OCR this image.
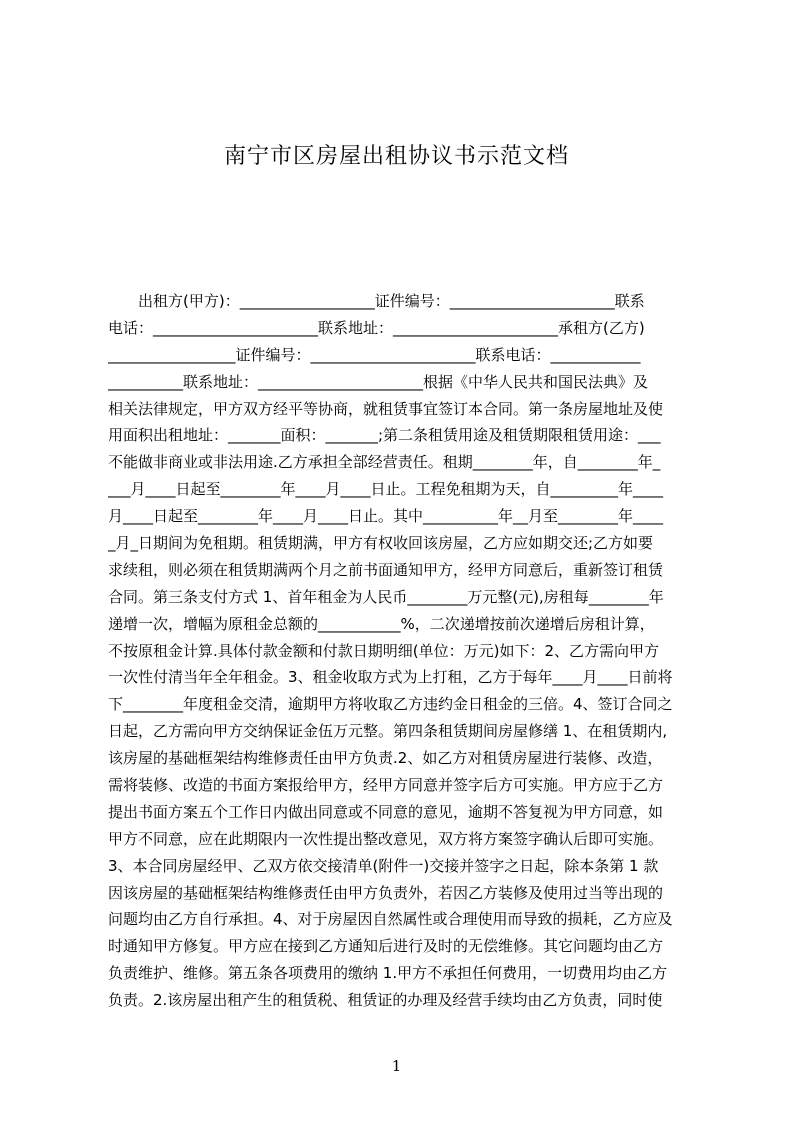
南宁市区房屋出租协议书示范文档
　　出租方(甲方)：__________________证件编号：______________________联系
电话：______________________联系地址：______________________承租方(乙方)
_________________证件编号：______________________联系电话：____________
__________联系地址：______________________根据《中华人民共和国民法典》及
相关法律规定，甲方双方经平等协商，就租赁事宜签订本合同。第一条房屋地址及使
用面积出租地址：_______面积：_______;第二条租赁用途及租赁期限租赁用途：___
不能做非商业或非法用途.乙方承担全部经营责任。租期________年，自________年_
___月____日起至________年____月____日止。工程免租期为天，自_________年____
月____日起至________年____月____日止。其中__________年__月至________年____
_月_日期间为免租期。租赁期满，甲方有权收回该房屋，乙方应如期交还;乙方如要
求续租，则必须在租赁期满两个月之前书面通知甲方，经甲方同意后，重新签订租赁
合同。第三条支付方式 1、首年租金为人民币________万元整(元),房租每________年
递增一次，增幅为原租金总额的___________%，二次递增按前次递增后房租计算，
不按原租金计算.具体付款金额和付款日期明细(单位：万元)如下：2、乙方需向甲方
一次性付清当年全年租金。3、租金收取方式为上打租，乙方于每年____月____日前将
下________年度租金交清，逾期甲方将收取乙方违约金日租金的三倍。4、签订合同之
日起，乙方需向甲方交纳保证金伍万元整。第四条租赁期间房屋修缮 1、在租赁期内,
该房屋的基础框架结构维修责任由甲方负责.2、如乙方对租赁房屋进行装修、改造，
需将装修、改造的书面方案报给甲方，经甲方同意并签字后方可实施。甲方应于乙方
提出书面方案五个工作日内做出同意或不同意的意见，逾期不答复视为甲方同意，如
甲方不同意，应在此期限内一次性提出整改意见，双方将方案签字确认后即可实施。
3、本合同房屋经甲、乙双方依交接清单(附件一)交接并签字之日起，除本条第 1 款
因该房屋的基础框架结构维修责任由甲方负责外，若因乙方装修及使用过当等出现的
问题均由乙方自行承担。4、对于房屋因自然属性或合理使用而导致的损耗，乙方应及
时通知甲方修复。甲方应在接到乙方通知后进行及时的无偿维修。其它问题均由乙方
负责维护、维修。第五条各项费用的缴纳 1.甲方不承担任何费用，一切费用均由乙方
负责。2.该房屋出租产生的租赁税、租赁证的办理及经营手续均由乙方负责，同时使
1
